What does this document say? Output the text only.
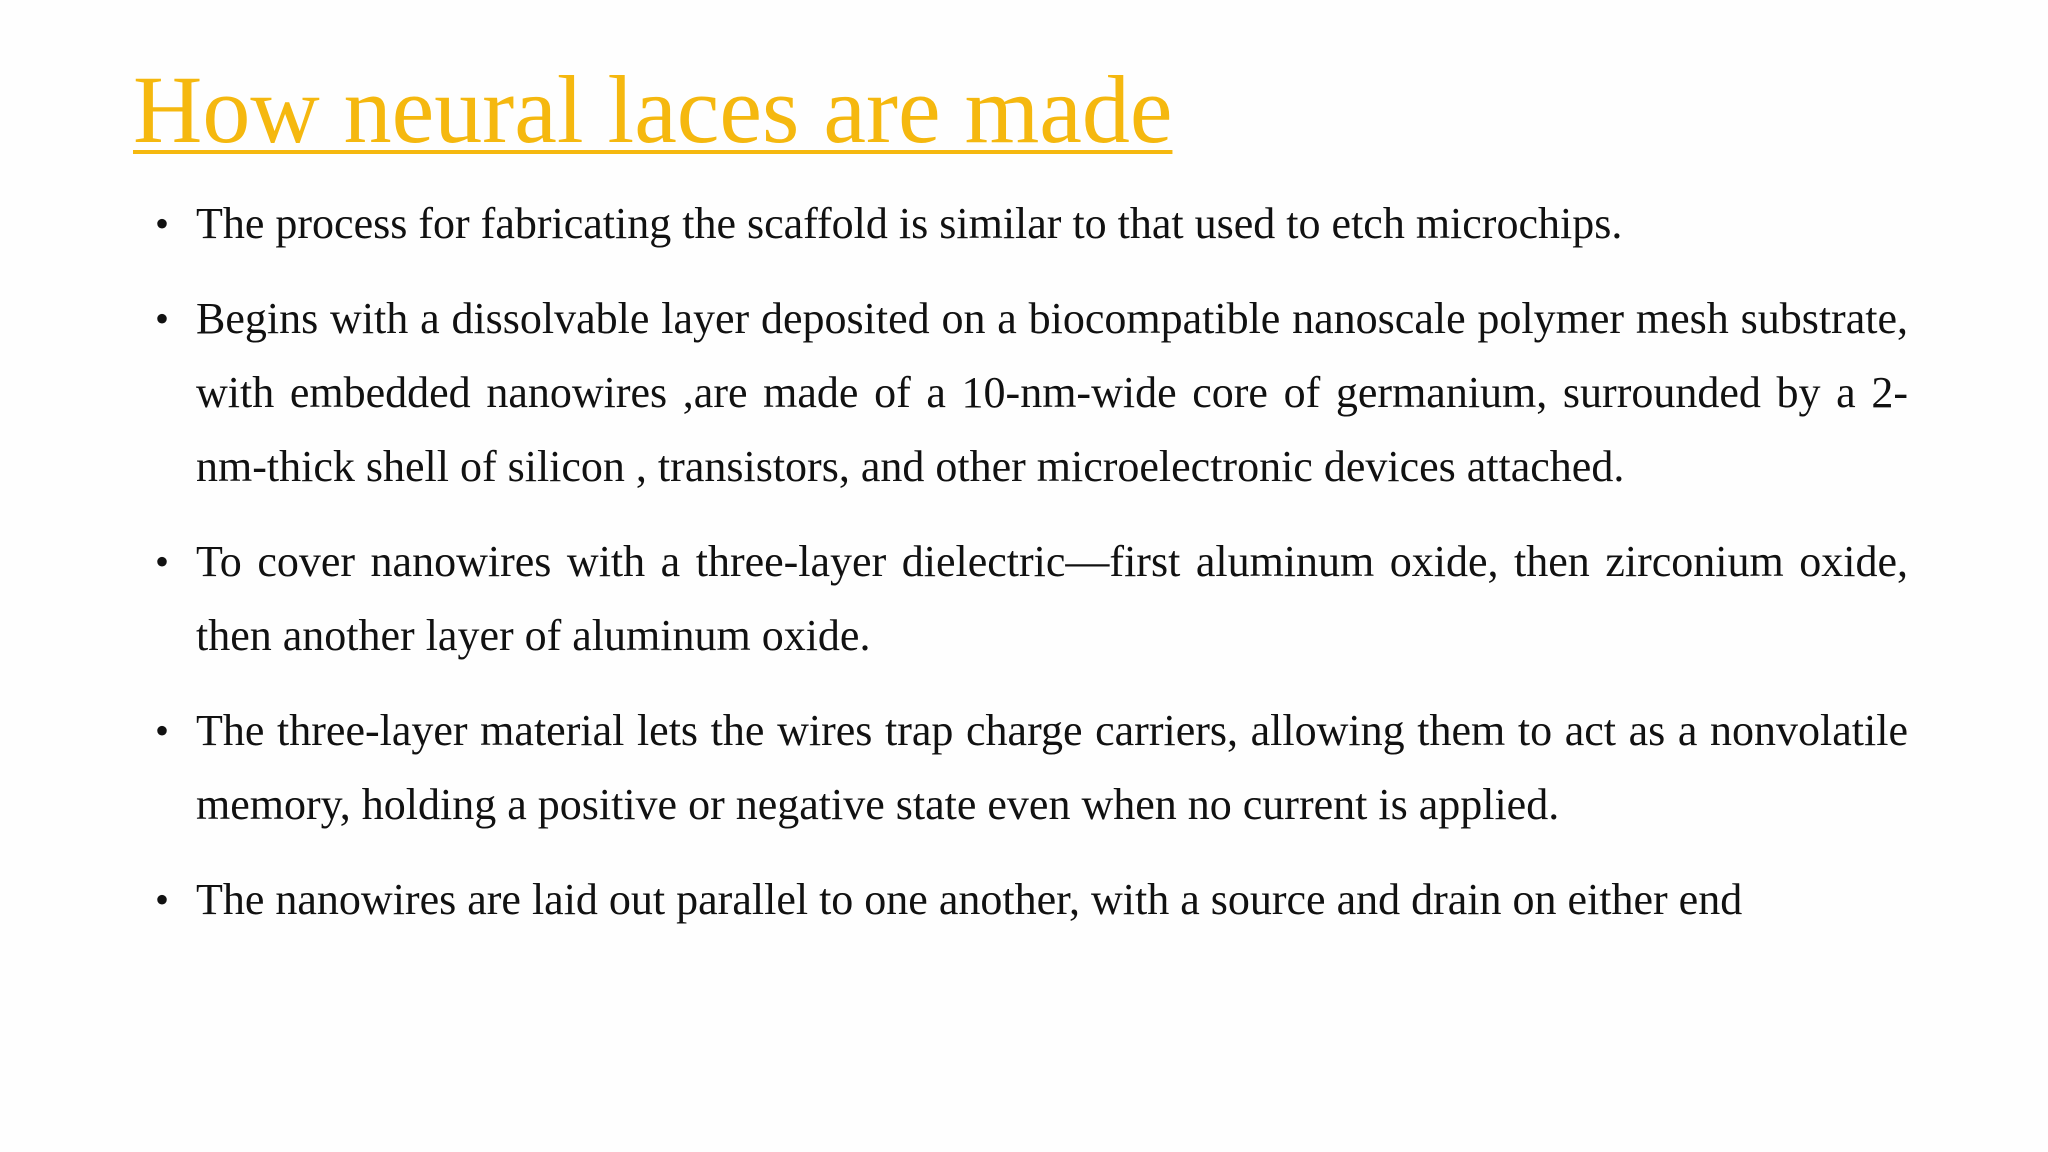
How neural laces are made
• The process for fabricating the scaffold is similar to that used to etch microchips.
• Begins with a dissolvable layer deposited on a biocompatible nanoscale polymer mesh substrate, with embedded nanowires ,are made of a 10-nm-wide core of germanium, surrounded by a 2-nm-thick shell of silicon , transistors, and other microelectronic devices attached.
• To cover nanowires with a three-layer dielectric—first aluminum oxide, then zirconium oxide, then another layer of aluminum oxide.
• The three-layer material lets the wires trap charge carriers, allowing them to act as a nonvolatile memory, holding a positive or negative state even when no current is applied.
• The nanowires are laid out parallel to one another, with a source and drain on either end
